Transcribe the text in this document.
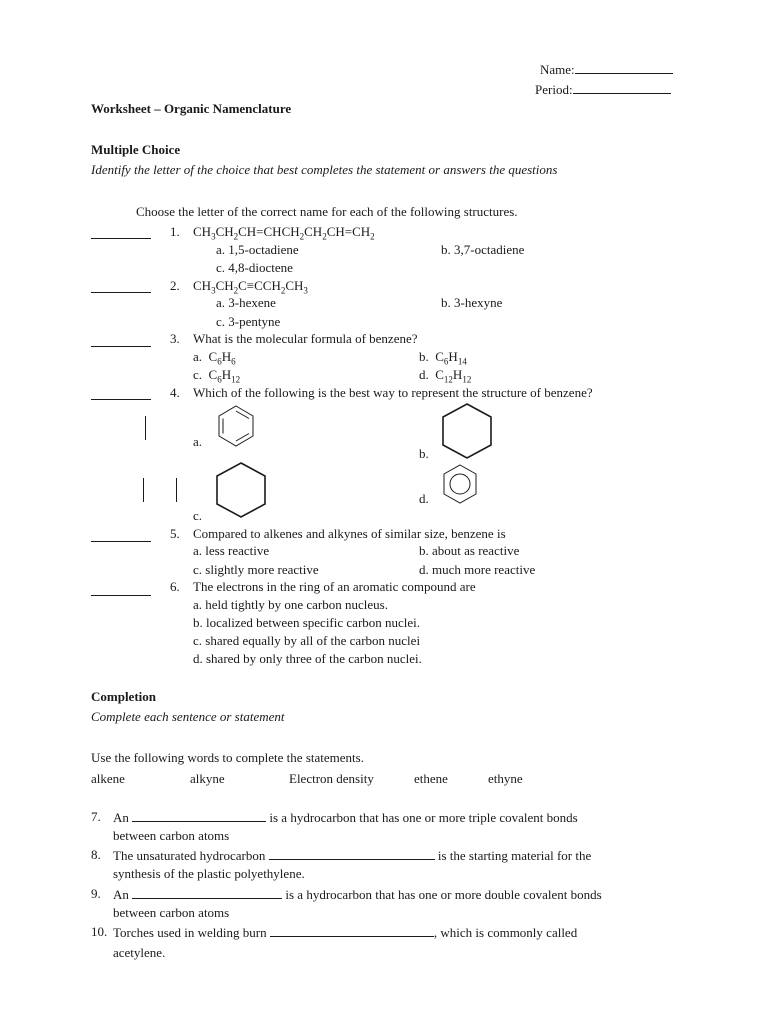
Name:
Period:
Worksheet – Organic Namenclature
Multiple Choice
Identify the letter of the choice that best completes the statement or answers the questions
Choose the letter of the correct name for each of the following structures.
1. $CH_3CH_2CH=CHCH_2CH_2CH=CH_2$
a. 1,5-octadiene	b. 3,7-octadiene
c. 4,8-dioctene
2. $CH_3CH_2C\equiv CCH_2CH_3$
a. 3-hexene	b. 3-hexyne
c. 3-pentyne
3. What is the molecular formula of benzene?
a.  $C_6H_6$	b.  $C_6H_{14}$
c.  $C_6H_{12}$	d.  $C_{12}H_{12}$
4. Which of the following is the best way to represent the structure of benzene?
a.
b.
c.
d.
5. Compared to alkenes and alkynes of similar size, benzene is
a. less reactive	b. about as reactive
c. slightly more reactive	d. much more reactive
6. The electrons in the ring of an aromatic compound are
a. held tightly by one carbon nucleus.
b. localized between specific carbon nuclei.
c. shared equally by all of the carbon nuclei
d. shared by only three of the carbon nuclei.
Completion
Complete each sentence or statement
Use the following words to complete the statements.
alkene	alkyne	Electron density	ethene	ethyne
7. An	is a hydrocarbon that has one or more triple covalent bonds
between carbon atoms
8. The unsaturated hydrocarbon	is the starting material for the
synthesis of the plastic polyethylene.
9. An	is a hydrocarbon that has one or more double covalent bonds
between carbon atoms
10. Torches used in welding burn	, which is commonly called
acetylene.
